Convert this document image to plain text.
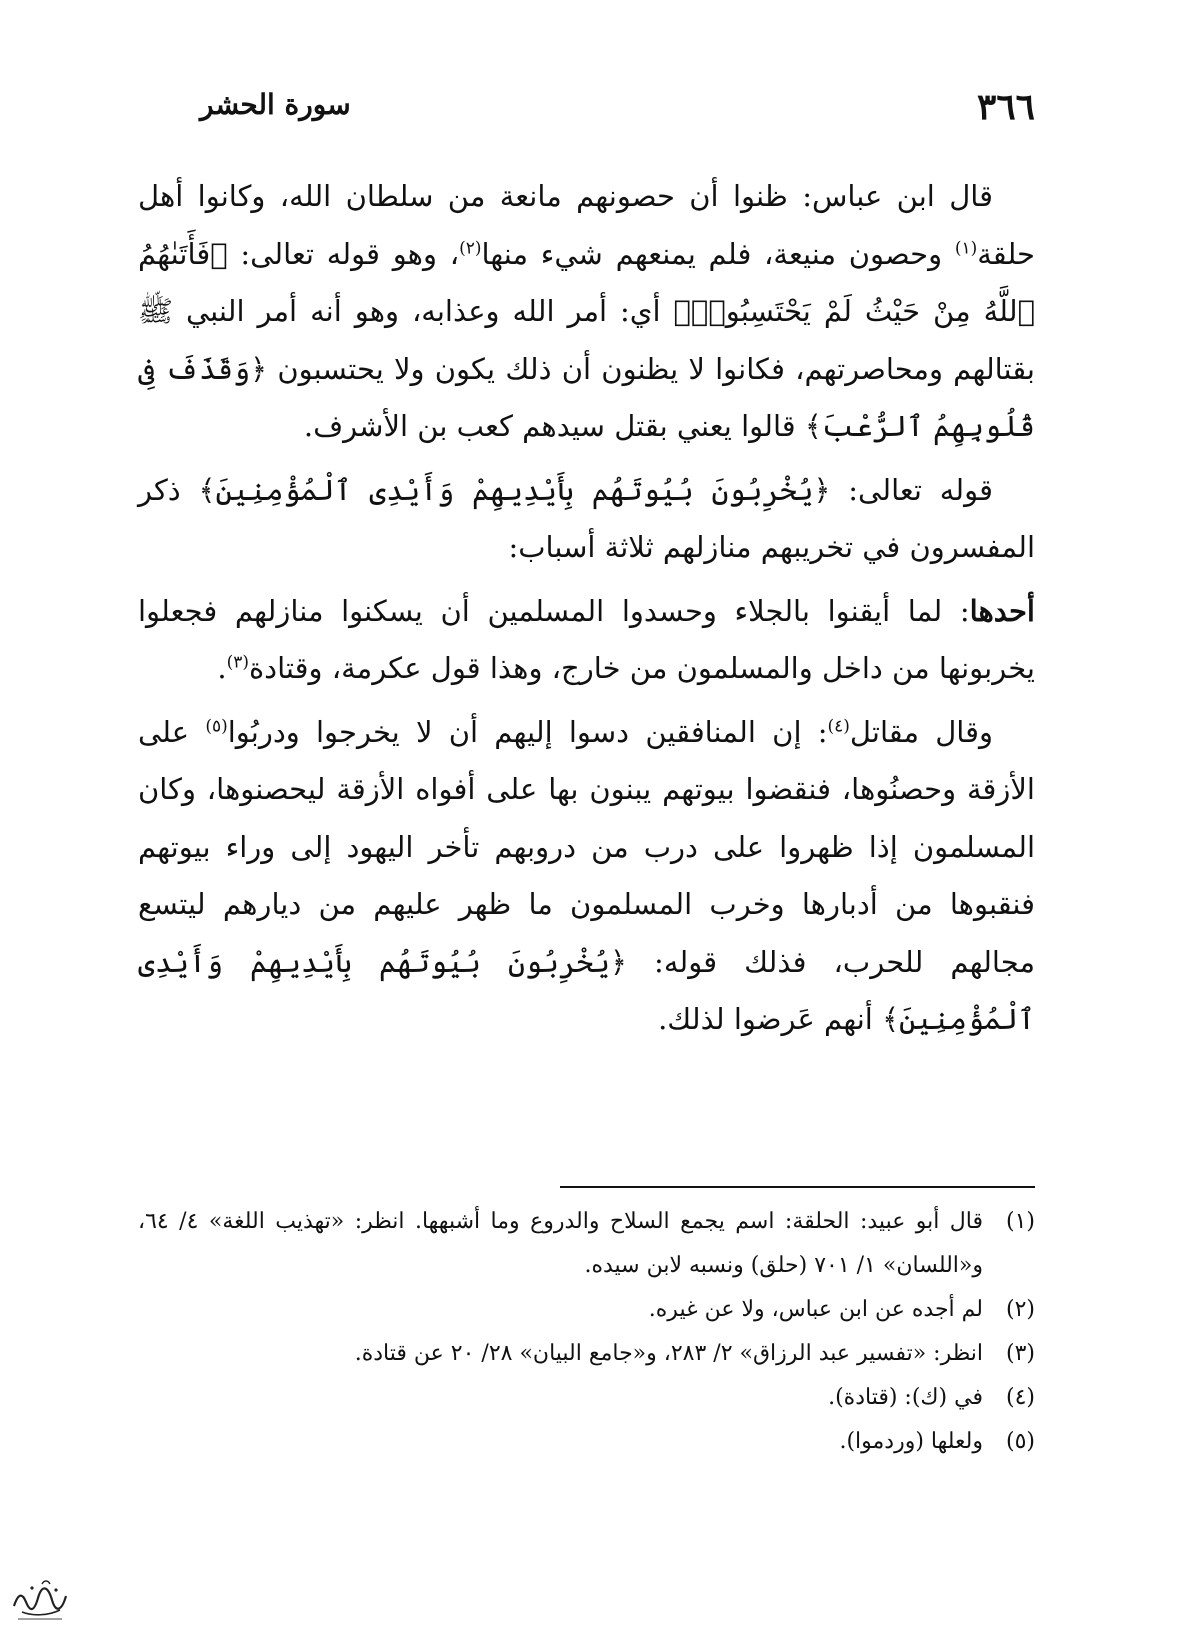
٣٦٦
سورة الحشر

قال ابن عباس: ظنوا أن حصونهم مانعة من سلطان الله، وكانوا أهل حلقة$^{(١)}$ وحصون منيعة، فلم يمنعهم شيء منها$^{(٢)}$، وهو قوله تعالى: ﴿فَأَتَىٰهُمُ ٱللَّهُ مِنْ حَيْثُ لَمْ يَحْتَسِبُوا۟﴾ أي: أمر الله وعذابه، وهو أنه أمر النبي ﷺ بقتالهم ومحاصرتهم، فكانوا لا يظنون أن ذلك يكون ولا يحتسبون ﴿وَقَذَفَ فِى قُلُوبِهِمُ ٱلرُّعْبَ﴾ قالوا يعني بقتل سيدهم كعب بن الأشرف.

قوله تعالى: ﴿يُخْرِبُونَ بُيُوتَهُم بِأَيْدِيهِمْ وَأَيْدِى ٱلْمُؤْمِنِينَ﴾ ذكر المفسرون في تخريبهم منازلهم ثلاثة أسباب:

أحدها: لما أيقنوا بالجلاء وحسدوا المسلمين أن يسكنوا منازلهم فجعلوا يخربونها من داخل والمسلمون من خارج، وهذا قول عكرمة، وقتادة$^{(٣)}$.

وقال مقاتل$^{(٤)}$: إن المنافقين دسوا إليهم أن لا يخرجوا ودربُوا$^{(٥)}$ على الأزقة وحصنُوها، فنقضوا بيوتهم يبنون بها على أفواه الأزقة ليحصنوها، وكان المسلمون إذا ظهروا على درب من دروبهم تأخر اليهود إلى وراء بيوتهم فنقبوها من أدبارها وخرب المسلمون ما ظهر عليهم من ديارهم ليتسع مجالهم للحرب، فذلك قوله: ﴿يُخْرِبُونَ بُيُوتَهُم بِأَيْدِيهِمْ وَأَيْدِى ٱلْمُؤْمِنِينَ﴾ أنهم عَرضوا لذلك.

(١)
قال أبو عبيد: الحلقة: اسم يجمع السلاح والدروع وما أشبهها. انظر: «تهذيب اللغة» ٤/ ٦٤، و«اللسان» ١/ ٧٠١ (حلق) ونسبه لابن سيده.

(٢)
لم أجده عن ابن عباس، ولا عن غيره.

(٣)
انظر: «تفسير عبد الرزاق» ٢/ ٢٨٣، و«جامع البيان» ٢٨/ ٢٠ عن قتادة.

(٤)
في (ك): (قتادة).

(٥)
ولعلها (وردموا).
